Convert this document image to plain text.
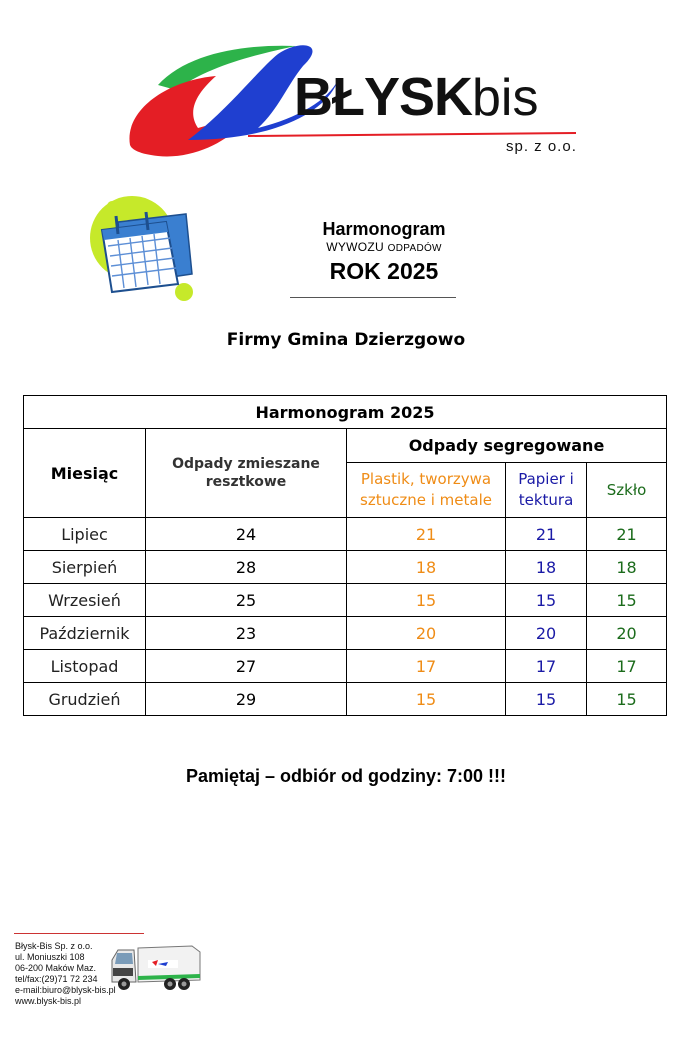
BŁYSKbis
sp. z o.o.
Harmonogram
WYWOZU ODPADÓW
ROK 2025
Firmy Gmina Dzierzgowo
Harmonogram 2025				
Miesiąc	Odpady zmieszane resztkowe	Odpady segregowane		
		Plastik, tworzywa sztuczne i metale	Papier i tektura	Szkło
Lipiec	24	21	21	21
Sierpień	28	18	18	18
Wrzesień	25	15	15	15
Październik	23	20	20	20
Listopad	27	17	17	17
Grudzień	29	15	15	15
Pamiętaj – odbiór od godziny: 7:00 !!!
Błysk-Bis Sp. z o.o.
ul. Moniuszki 108
06-200 Maków Maz.
tel/fax:(29)71 72 234
e-mail:biuro@blysk-bis.pl
www.blysk-bis.pl
